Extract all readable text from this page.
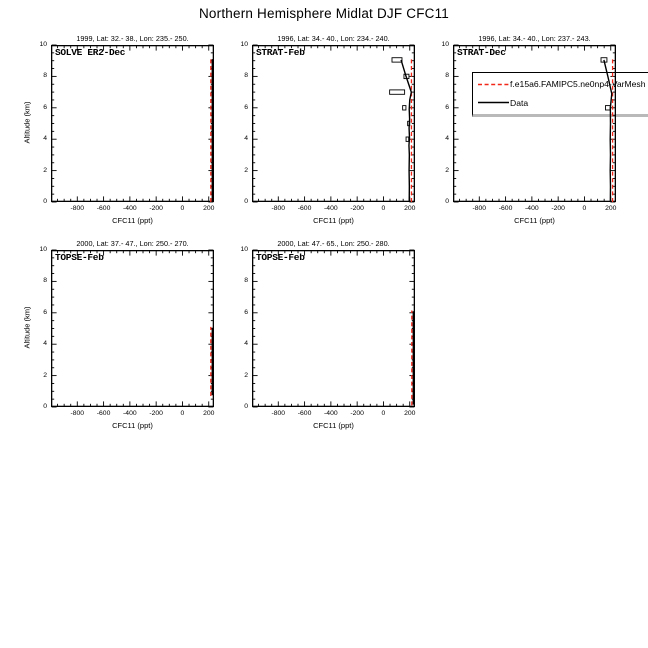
Northern Hemisphere Midlat DJF CFC11
f.e15a6.FAMIPC5.ne0np4-VarMesh
Data
1999, Lat: 32.- 38., Lon: 235.- 250.
SOLVE ER2-Dec
0
2
4
6
8
10
-800	-600	-400	-200	0	200
CFC11 (ppt)
Altitude (km)
1996, Lat: 34.- 40., Lon: 234.- 240.
STRAT-Feb
0
2
4
6
8
10
-800	-600	-400	-200	0	200
CFC11 (ppt)
1996, Lat: 34.- 40., Lon: 237.- 243.
STRAT-Dec
0
2
4
6
8
10
-800	-600	-400	-200	0	200
CFC11 (ppt)
2000, Lat: 37.- 47., Lon: 250.- 270.
TOPSE-Feb
0
2
4
6
8
10
-800	-600	-400	-200	0	200
CFC11 (ppt)
Altitude (km)
2000, Lat: 47.- 65., Lon: 250.- 280.
TOPSE-Feb
0
2
4
6
8
10
-800	-600	-400	-200	0	200
CFC11 (ppt)
